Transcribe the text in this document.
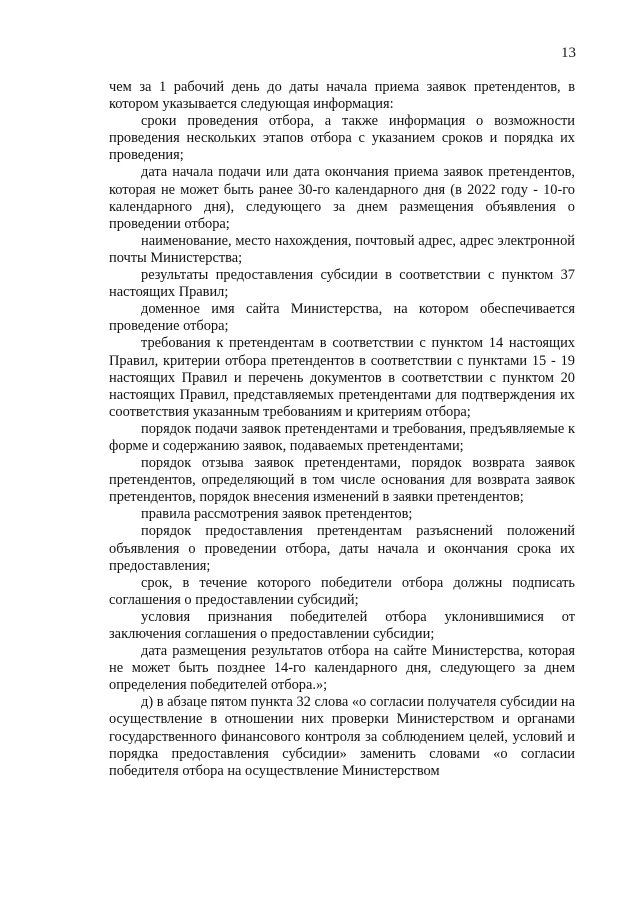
13

чем за 1 рабочий день до даты начала приема заявок претендентов, в котором указывается следующая информация:

сроки проведения отбора, а также информация о возможности проведения нескольких этапов отбора с указанием сроков и порядка их проведения;

дата начала подачи или дата окончания приема заявок претендентов, которая не может быть ранее 30-го календарного дня (в 2022 году - 10-го календарного дня), следующего за днем размещения объявления о проведении отбора;

наименование, место нахождения, почтовый адрес, адрес электронной почты Министерства;

результаты предоставления субсидии в соответствии с пунктом 37 настоящих Правил;

доменное имя сайта Министерства, на котором обеспечивается проведение отбора;

требования к претендентам в соответствии с пунктом 14 настоящих Правил, критерии отбора претендентов в соответствии с пунктами 15 - 19 настоящих Правил и перечень документов в соответствии с пунктом 20 настоящих Правил, представляемых претендентами для подтверждения их соответствия указанным требованиям и критериям отбора;

порядок подачи заявок претендентами и требования, предъявляемые к форме и содержанию заявок, подаваемых претендентами;

порядок отзыва заявок претендентами, порядок возврата заявок претендентов, определяющий в том числе основания для возврата заявок претендентов, порядок внесения изменений в заявки претендентов;

правила рассмотрения заявок претендентов;

порядок предоставления претендентам разъяснений положений объявления о проведении отбора, даты начала и окончания срока их предоставления;

срок, в течение которого победители отбора должны подписать соглашения о предоставлении субсидий;

условия признания победителей отбора уклонившимися от заключения соглашения о предоставлении субсидии;

дата размещения результатов отбора на сайте Министерства, которая не может быть позднее 14-го календарного дня, следующего за днем определения победителей отбора.»;

д) в абзаце пятом пункта 32 слова «о согласии получателя субсидии на осуществление в отношении них проверки Министерством и органами государственного финансового контроля за соблюдением целей, условий и порядка предоставления субсидии» заменить словами «о согласии победителя отбора на осуществление Министерством
